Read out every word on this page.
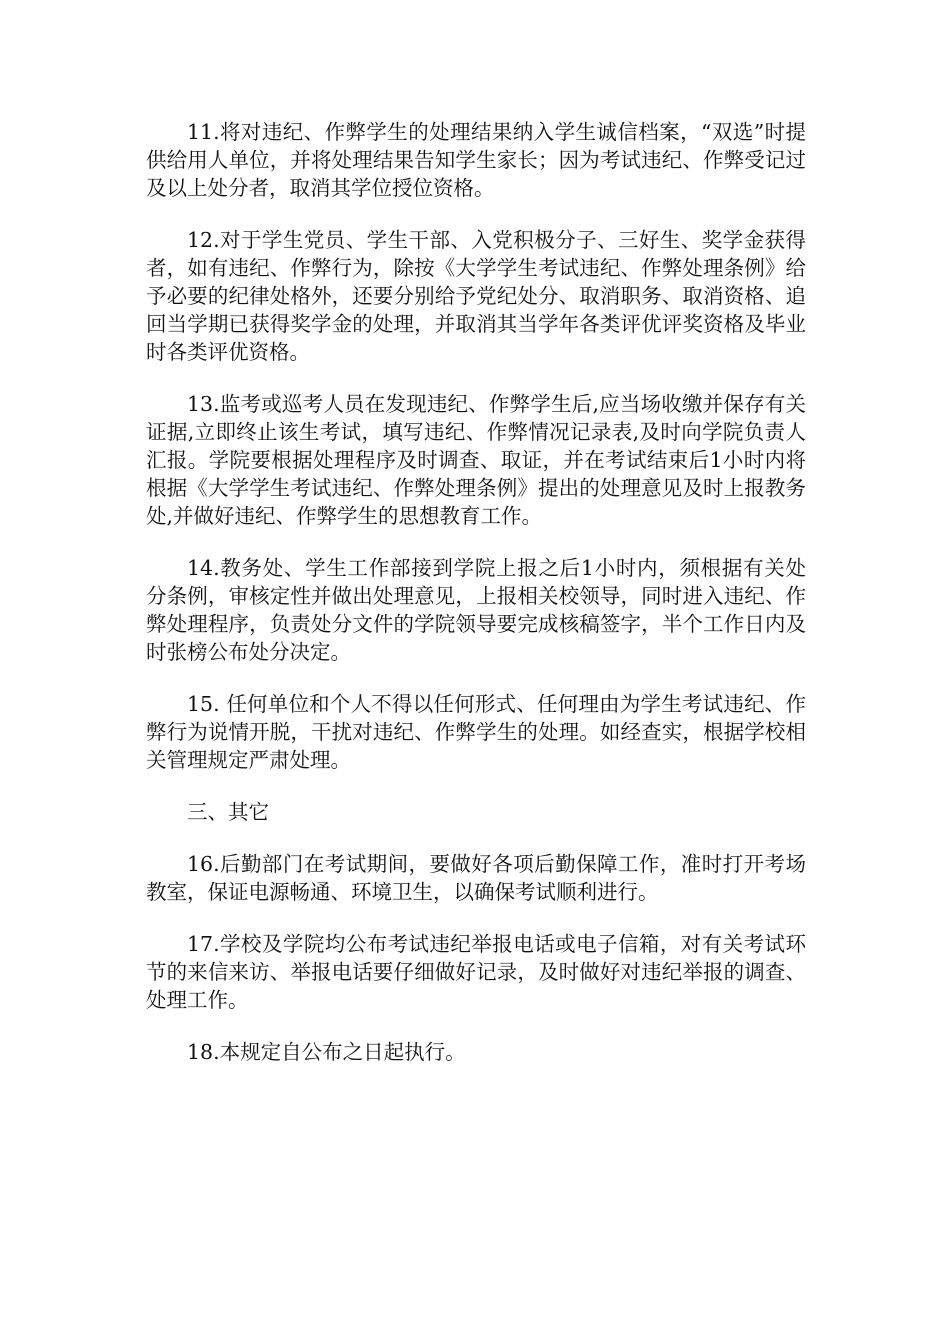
11.将对违纪、作弊学生的处理结果纳入学生诚信档案，“双选”时提供给用人单位，并将处理结果告知学生家长；因为考试违纪、作弊受记过及以上处分者，取消其学位授位资格。

12.对于学生党员、学生干部、入党积极分子、三好生、奖学金获得者，如有违纪、作弊行为，除按《大学学生考试违纪、作弊处理条例》给予必要的纪律处格外，还要分别给予党纪处分、取消职务、取消资格、追回当学期已获得奖学金的处理，并取消其当学年各类评优评奖资格及毕业时各类评优资格。

13.监考或巡考人员在发现违纪、作弊学生后,应当场收缴并保存有关证据,立即终止该生考试，填写违纪、作弊情况记录表,及时向学院负责人汇报。学院要根据处理程序及时调查、取证，并在考试结束后1小时内将根据《大学学生考试违纪、作弊处理条例》提出的处理意见及时上报教务处,并做好违纪、作弊学生的思想教育工作。

14.教务处、学生工作部接到学院上报之后1小时内，须根据有关处分条例，审核定性并做出处理意见，上报相关校领导，同时进入违纪、作弊处理程序，负责处分文件的学院领导要完成核稿签字，半个工作日内及时张榜公布处分决定。

15. 任何单位和个人不得以任何形式、任何理由为学生考试违纪、作弊行为说情开脱，干扰对违纪、作弊学生的处理。如经查实，根据学校相关管理规定严肃处理。

三、其它

16.后勤部门在考试期间，要做好各项后勤保障工作，准时打开考场教室，保证电源畅通、环境卫生，以确保考试顺利进行。

17.学校及学院均公布考试违纪举报电话或电子信箱，对有关考试环节的来信来访、举报电话要仔细做好记录，及时做好对违纪举报的调查、处理工作。

18.本规定自公布之日起执行。
